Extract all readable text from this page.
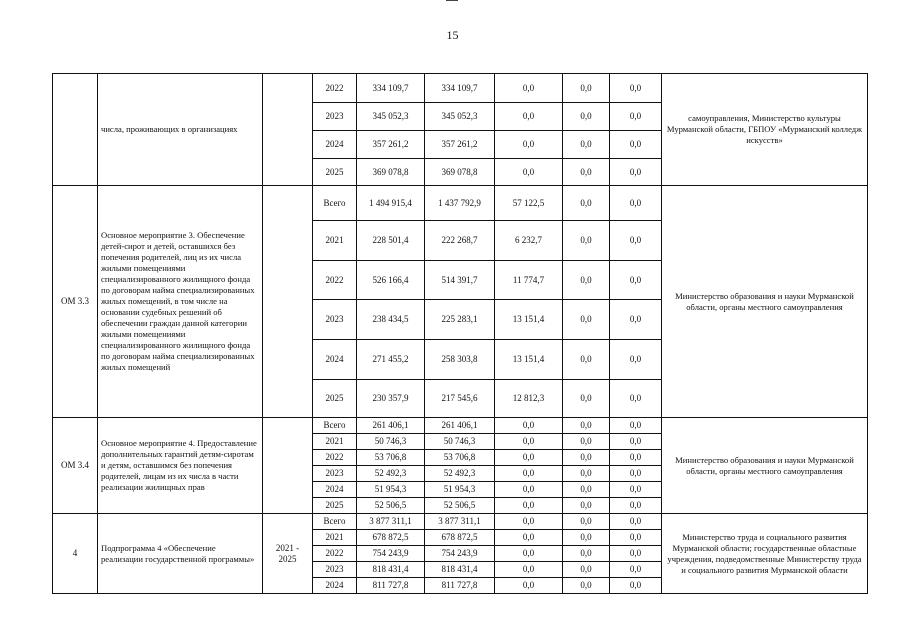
15
	числа, проживающих в организациях		2022	334 109,7	334 109,7	0,0	0,0	0,0	самоуправления, Министерство культуры Мурманской области, ГБПОУ «Мурманский колледж искусств»
			2023	345 052,3	345 052,3	0,0	0,0	0,0	
			2024	357 261,2	357 261,2	0,0	0,0	0,0	
			2025	369 078,8	369 078,8	0,0	0,0	0,0	
ОМ 3.3	Основное мероприятие 3. Обеспечение детей-сирот и детей, оставшихся без попечения родителей, лиц из их числа жилыми помещениями специализированного жилищного фонда по договорам найма специализированных жилых помещений, в том числе на основании судебных решений об обеспечении граждан данной категории жилыми помещениями специализированного жилищного фонда по договорам найма специализированных жилых помещений		Всего	1 494 915,4	1 437 792,9	57 122,5	0,0	0,0	Министерство образования и науки Мурманской области, органы местного самоуправления
			2021	228 501,4	222 268,7	6 232,7	0,0	0,0	
			2022	526 166,4	514 391,7	11 774,7	0,0	0,0	
			2023	238 434,5	225 283,1	13 151,4	0,0	0,0	
			2024	271 455,2	258 303,8	13 151,4	0,0	0,0	
			2025	230 357,9	217 545,6	12 812,3	0,0	0,0	
ОМ 3.4	Основное мероприятие 4. Предоставление дополнительных гарантий детям-сиротам и детям, оставшимся без попечения родителей, лицам из их числа в части реализации жилищных прав		Всего	261 406,1	261 406,1	0,0	0,0	0,0	Министерство образования и науки Мурманской области, органы местного самоуправления
			2021	50 746,3	50 746,3	0,0	0,0	0,0	
			2022	53 706,8	53 706,8	0,0	0,0	0,0	
			2023	52 492,3	52 492,3	0,0	0,0	0,0	
			2024	51 954,3	51 954,3	0,0	0,0	0,0	
			2025	52 506,5	52 506,5	0,0	0,0	0,0	
4	Подпрограмма 4 «Обеспечение реализации государственной программы»	2021 - 2025	Всего	3 877 311,1	3 877 311,1	0,0	0,0	0,0	Министерство труда и социального развития Мурманской области; государственные областные учреждения, подведомственные Министерству труда и социального развития Мурманской области
			2021	678 872,5	678 872,5	0,0	0,0	0,0	
			2022	754 243,9	754 243,9	0,0	0,0	0,0	
			2023	818 431,4	818 431,4	0,0	0,0	0,0	
			2024	811 727,8	811 727,8	0,0	0,0	0,0	
